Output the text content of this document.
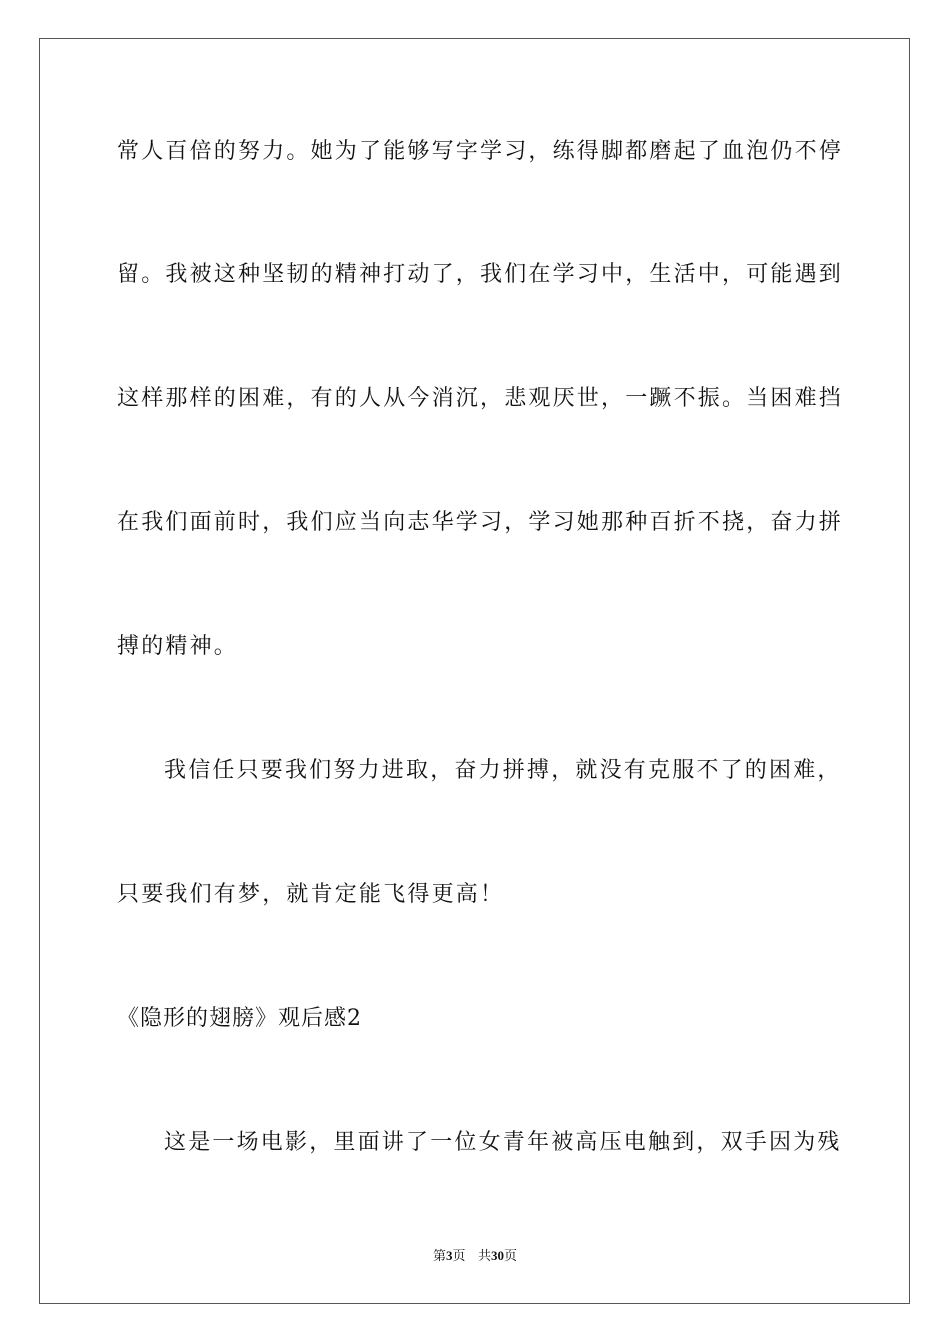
常人百倍的努力。她为了能够写字学习，练得脚都磨起了血泡仍不停
留。我被这种坚韧的精神打动了，我们在学习中，生活中，可能遇到
这样那样的困难，有的人从今消沉，悲观厌世，一蹶不振。当困难挡
在我们面前时，我们应当向志华学习，学习她那种百折不挠，奋力拼
搏的精神。
我信任只要我们努力进取，奋力拼搏，就没有克服不了的困难，
只要我们有梦，就肯定能飞得更高！
《隐形的翅膀》观后感2
这是一场电影，里面讲了一位女青年被高压电触到，双手因为残
第3页 共30页
